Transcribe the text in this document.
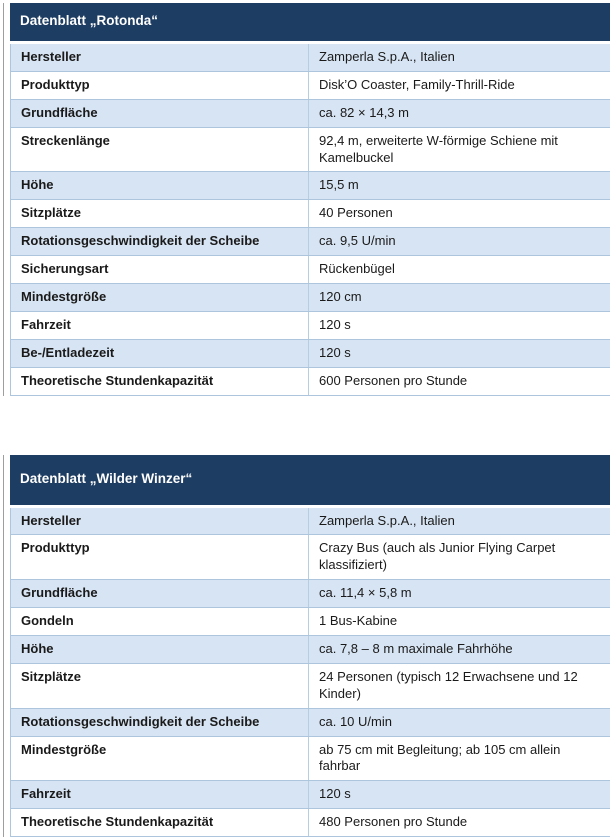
Datenblatt „Rotonda“
Hersteller	Zamperla S.p.A., Italien
Produkttyp	Disk’O Coaster, Family-Thrill-Ride
Grundfläche	ca. 82 × 14,3 m
Streckenlänge	92,4 m, erweiterte W-förmige Schiene mit Kamelbuckel
Höhe	15,5 m
Sitzplätze	40 Personen
Rotationsgeschwindigkeit der Scheibe	ca. 9,5 U/min
Sicherungsart	Rückenbügel
Mindestgröße	120 cm
Fahrzeit	120 s
Be-/Entladezeit	120 s
Theoretische Stundenkapazität	600 Personen pro Stunde
Datenblatt „Wilder Winzer“
Hersteller	Zamperla S.p.A., Italien
Produkttyp	Crazy Bus (auch als Junior Flying Carpet klassifiziert)
Grundfläche	ca. 11,4 × 5,8 m
Gondeln	1 Bus-Kabine
Höhe	ca. 7,8 – 8 m maximale Fahrhöhe
Sitzplätze	24 Personen (typisch 12 Erwachsene und 12 Kinder)
Rotationsgeschwindigkeit der Scheibe	ca. 10 U/min
Mindestgröße	ab 75 cm mit Begleitung; ab 105 cm allein fahrbar
Fahrzeit	120 s
Theoretische Stundenkapazität	480 Personen pro Stunde
